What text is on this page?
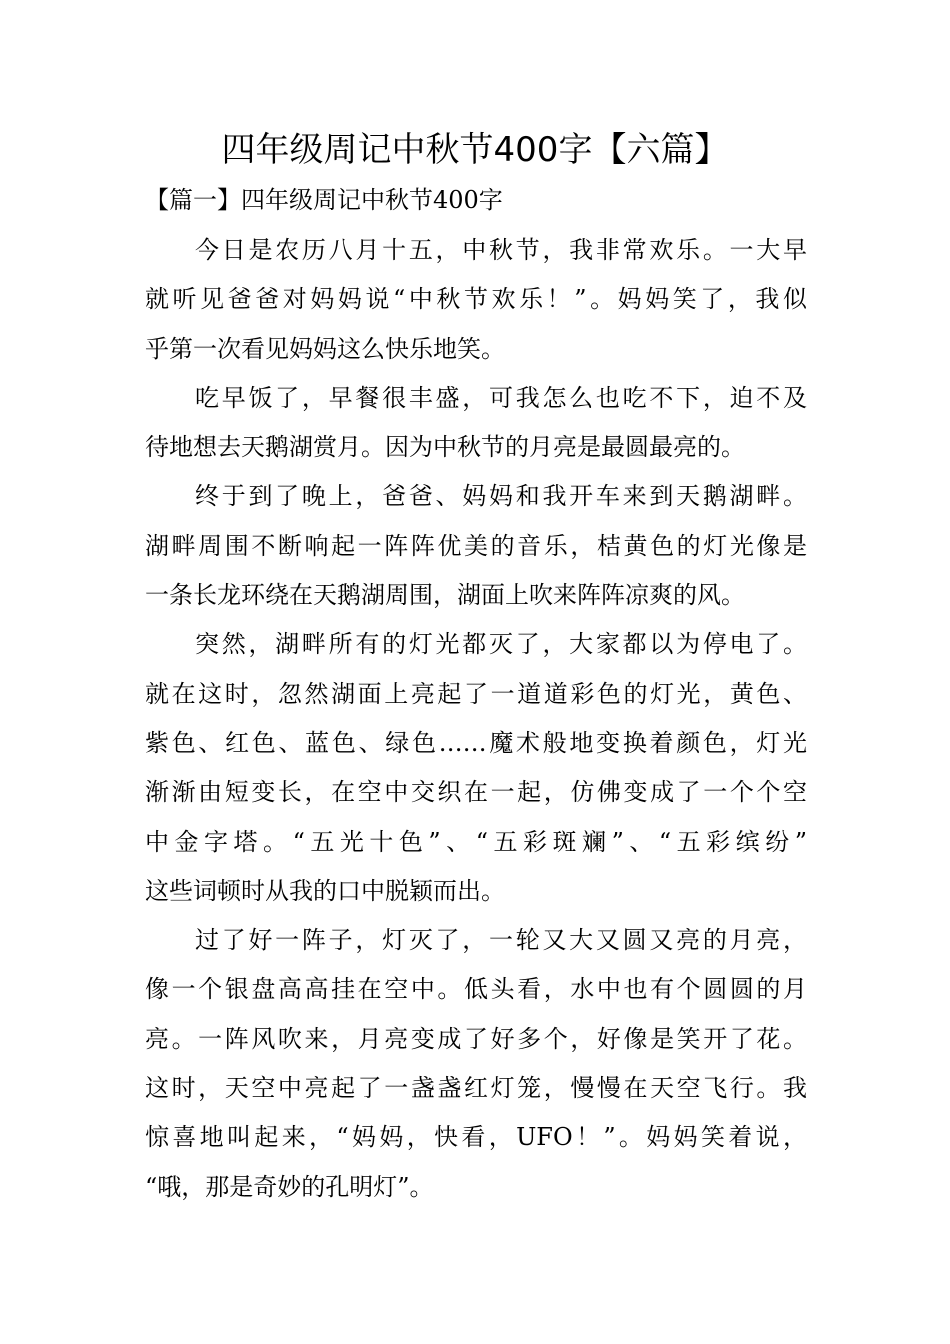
四年级周记中秋节400字【六篇】
【篇一】四年级周记中秋节400字

今日是农历八月十五，中秋节，我非常欢乐。一大早
就听见爸爸对妈妈说“中秋节欢乐！”。妈妈笑了，我似
乎第一次看见妈妈这么快乐地笑。

吃早饭了，早餐很丰盛，可我怎么也吃不下，迫不及
待地想去天鹅湖赏月。因为中秋节的月亮是最圆最亮的。

终于到了晚上，爸爸、妈妈和我开车来到天鹅湖畔。
湖畔周围不断响起一阵阵优美的音乐，桔黄色的灯光像是
一条长龙环绕在天鹅湖周围，湖面上吹来阵阵凉爽的风。

突然，湖畔所有的灯光都灭了，大家都以为停电了。
就在这时，忽然湖面上亮起了一道道彩色的灯光，黄色、
紫色、红色、蓝色、绿色……魔术般地变换着颜色，灯光
渐渐由短变长，在空中交织在一起，仿佛变成了一个个空
中金字塔。“五光十色”、“五彩斑斓”、“五彩缤纷”
这些词顿时从我的口中脱颖而出。

过了好一阵子，灯灭了，一轮又大又圆又亮的月亮，
像一个银盘高高挂在空中。低头看，水中也有个圆圆的月
亮。一阵风吹来，月亮变成了好多个，好像是笑开了花。
这时，天空中亮起了一盏盏红灯笼，慢慢在天空飞行。我
惊喜地叫起来，“妈妈，快看，UFO！”。妈妈笑着说，
“哦，那是奇妙的孔明灯”。
